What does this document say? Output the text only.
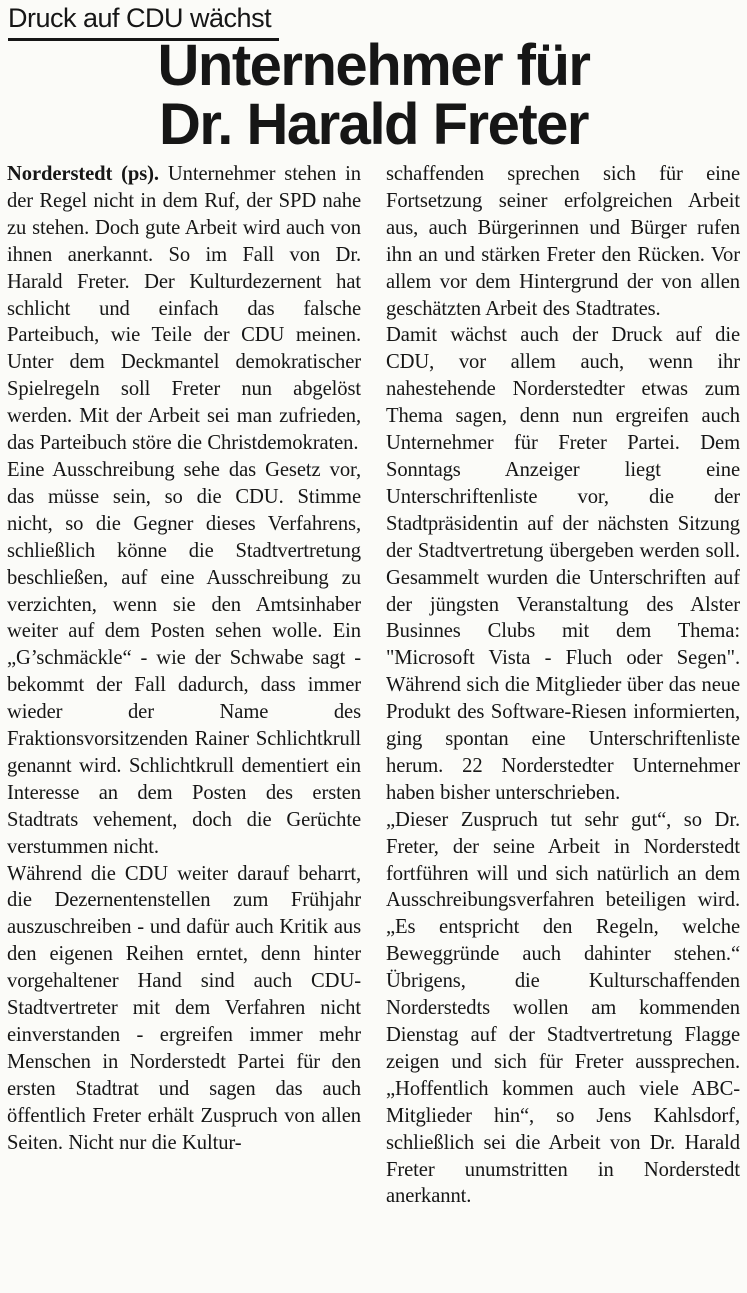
Druck auf CDU wächst
Unternehmer für
Dr. Harald Freter

Norderstedt (ps). Unternehmer stehen in der Regel nicht in dem Ruf, der SPD nahe zu stehen. Doch gute Arbeit wird auch von ihnen anerkannt. So im Fall von Dr. Harald Freter. Der Kulturdezernent hat schlicht und einfach das falsche Parteibuch, wie Teile der CDU meinen. Unter dem Deckmantel demokratischer Spielregeln soll Freter nun abgelöst werden. Mit der Arbeit sei man zufrieden, das Parteibuch störe die Christdemokraten.

Eine Ausschreibung sehe das Gesetz vor, das müsse sein, so die CDU. Stimme nicht, so die Gegner dieses Verfahrens, schließlich könne die Stadtvertretung beschließen, auf eine Ausschreibung zu verzichten, wenn sie den Amtsinhaber weiter auf dem Posten sehen wolle. Ein „G’schmäckle“ - wie der Schwabe sagt - bekommt der Fall dadurch, dass immer wieder der Name des Fraktionsvorsitzenden Rainer Schlichtkrull genannt wird. Schlichtkrull dementiert ein Interesse an dem Posten des ersten Stadtrats vehement, doch die Gerüchte verstummen nicht.

Während die CDU weiter darauf beharrt, die Dezernentenstellen zum Frühjahr auszuschreiben - und dafür auch Kritik aus den eigenen Reihen erntet, denn hinter vorgehaltener Hand sind auch CDU-Stadtvertreter mit dem Verfahren nicht einverstanden - ergreifen immer mehr Menschen in Norderstedt Partei für den ersten Stadtrat und sagen das auch öffentlich Freter erhält Zuspruch von allen Seiten. Nicht nur die Kultur-

schaffenden sprechen sich für eine Fortsetzung seiner erfolgreichen Arbeit aus, auch Bürgerinnen und Bürger rufen ihn an und stärken Freter den Rücken. Vor allem vor dem Hintergrund der von allen geschätzten Arbeit des Stadtrates.

Damit wächst auch der Druck auf die CDU, vor allem auch, wenn ihr nahestehende Norderstedter etwas zum Thema sagen, denn nun ergreifen auch Unternehmer für Freter Partei. Dem Sonntags Anzeiger liegt eine Unterschriftenliste vor, die der Stadtpräsidentin auf der nächsten Sitzung der Stadtvertretung übergeben werden soll. Gesammelt wurden die Unterschriften auf der jüngsten Veranstaltung des Alster Businnes Clubs mit dem Thema: "Microsoft Vista - Fluch oder Segen". Während sich die Mitglieder über das neue Produkt des Software-Riesen informierten, ging spontan eine Unterschriftenliste herum. 22 Norderstedter Unternehmer haben bisher unterschrieben.

„Dieser Zuspruch tut sehr gut“, so Dr. Freter, der seine Arbeit in Norderstedt fortführen will und sich natürlich an dem Ausschreibungsverfahren beteiligen wird. „Es entspricht den Regeln, welche Beweggründe auch dahinter stehen.“ Übrigens, die Kulturschaffenden Norderstedts wollen am kommenden Dienstag auf der Stadtvertretung Flagge zeigen und sich für Freter aussprechen. „Hoffentlich kommen auch viele ABC-Mitglieder hin“, so Jens Kahlsdorf, schließlich sei die Arbeit von Dr. Harald Freter unumstritten in Norderstedt anerkannt.
